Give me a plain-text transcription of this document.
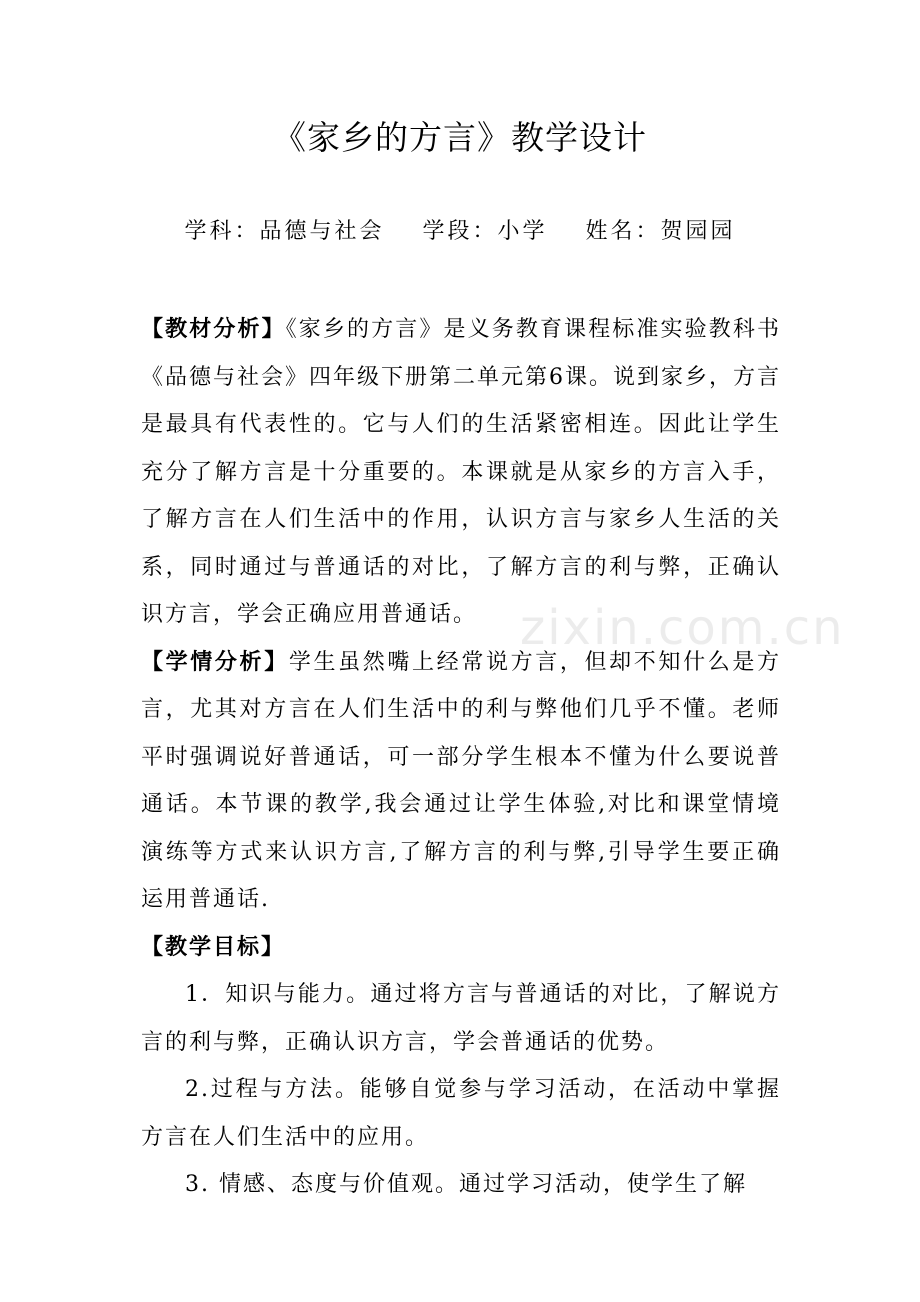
《家乡的方言》教学设计
学科：品德与社会 学段：小学 姓名：贺园园

【教材分析】《家乡的方言》是义务教育课程标准实验教科书《品德与社会》四年级下册第二单元第6课。说到家乡，方言是最具有代表性的。它与人们的生活紧密相连。因此让学生充分了解方言是十分重要的。本课就是从家乡的方言入手，了解方言在人们生活中的作用，认识方言与家乡人生活的关系，同时通过与普通话的对比，了解方言的利与弊，正确认识方言，学会正确应用普通话。

【学情分析】学生虽然嘴上经常说方言，但却不知什么是方言，尤其对方言在人们生活中的利与弊他们几乎不懂。老师平时强调说好普通话，可一部分学生根本不懂为什么要说普通话。本节课的教学,我会通过让学生体验,对比和课堂情境演练等方式来认识方言,了解方言的利与弊,引导学生要正确运用普通话.

【教学目标】

1．知识与能力。通过将方言与普通话的对比，了解说方言的利与弊，正确认识方言，学会普通话的优势。

2.过程与方法。能够自觉参与学习活动，在活动中掌握方言在人们生活中的应用。

3. 情感、态度与价值观。通过学习活动，使学生了解

zixin.com.cn
